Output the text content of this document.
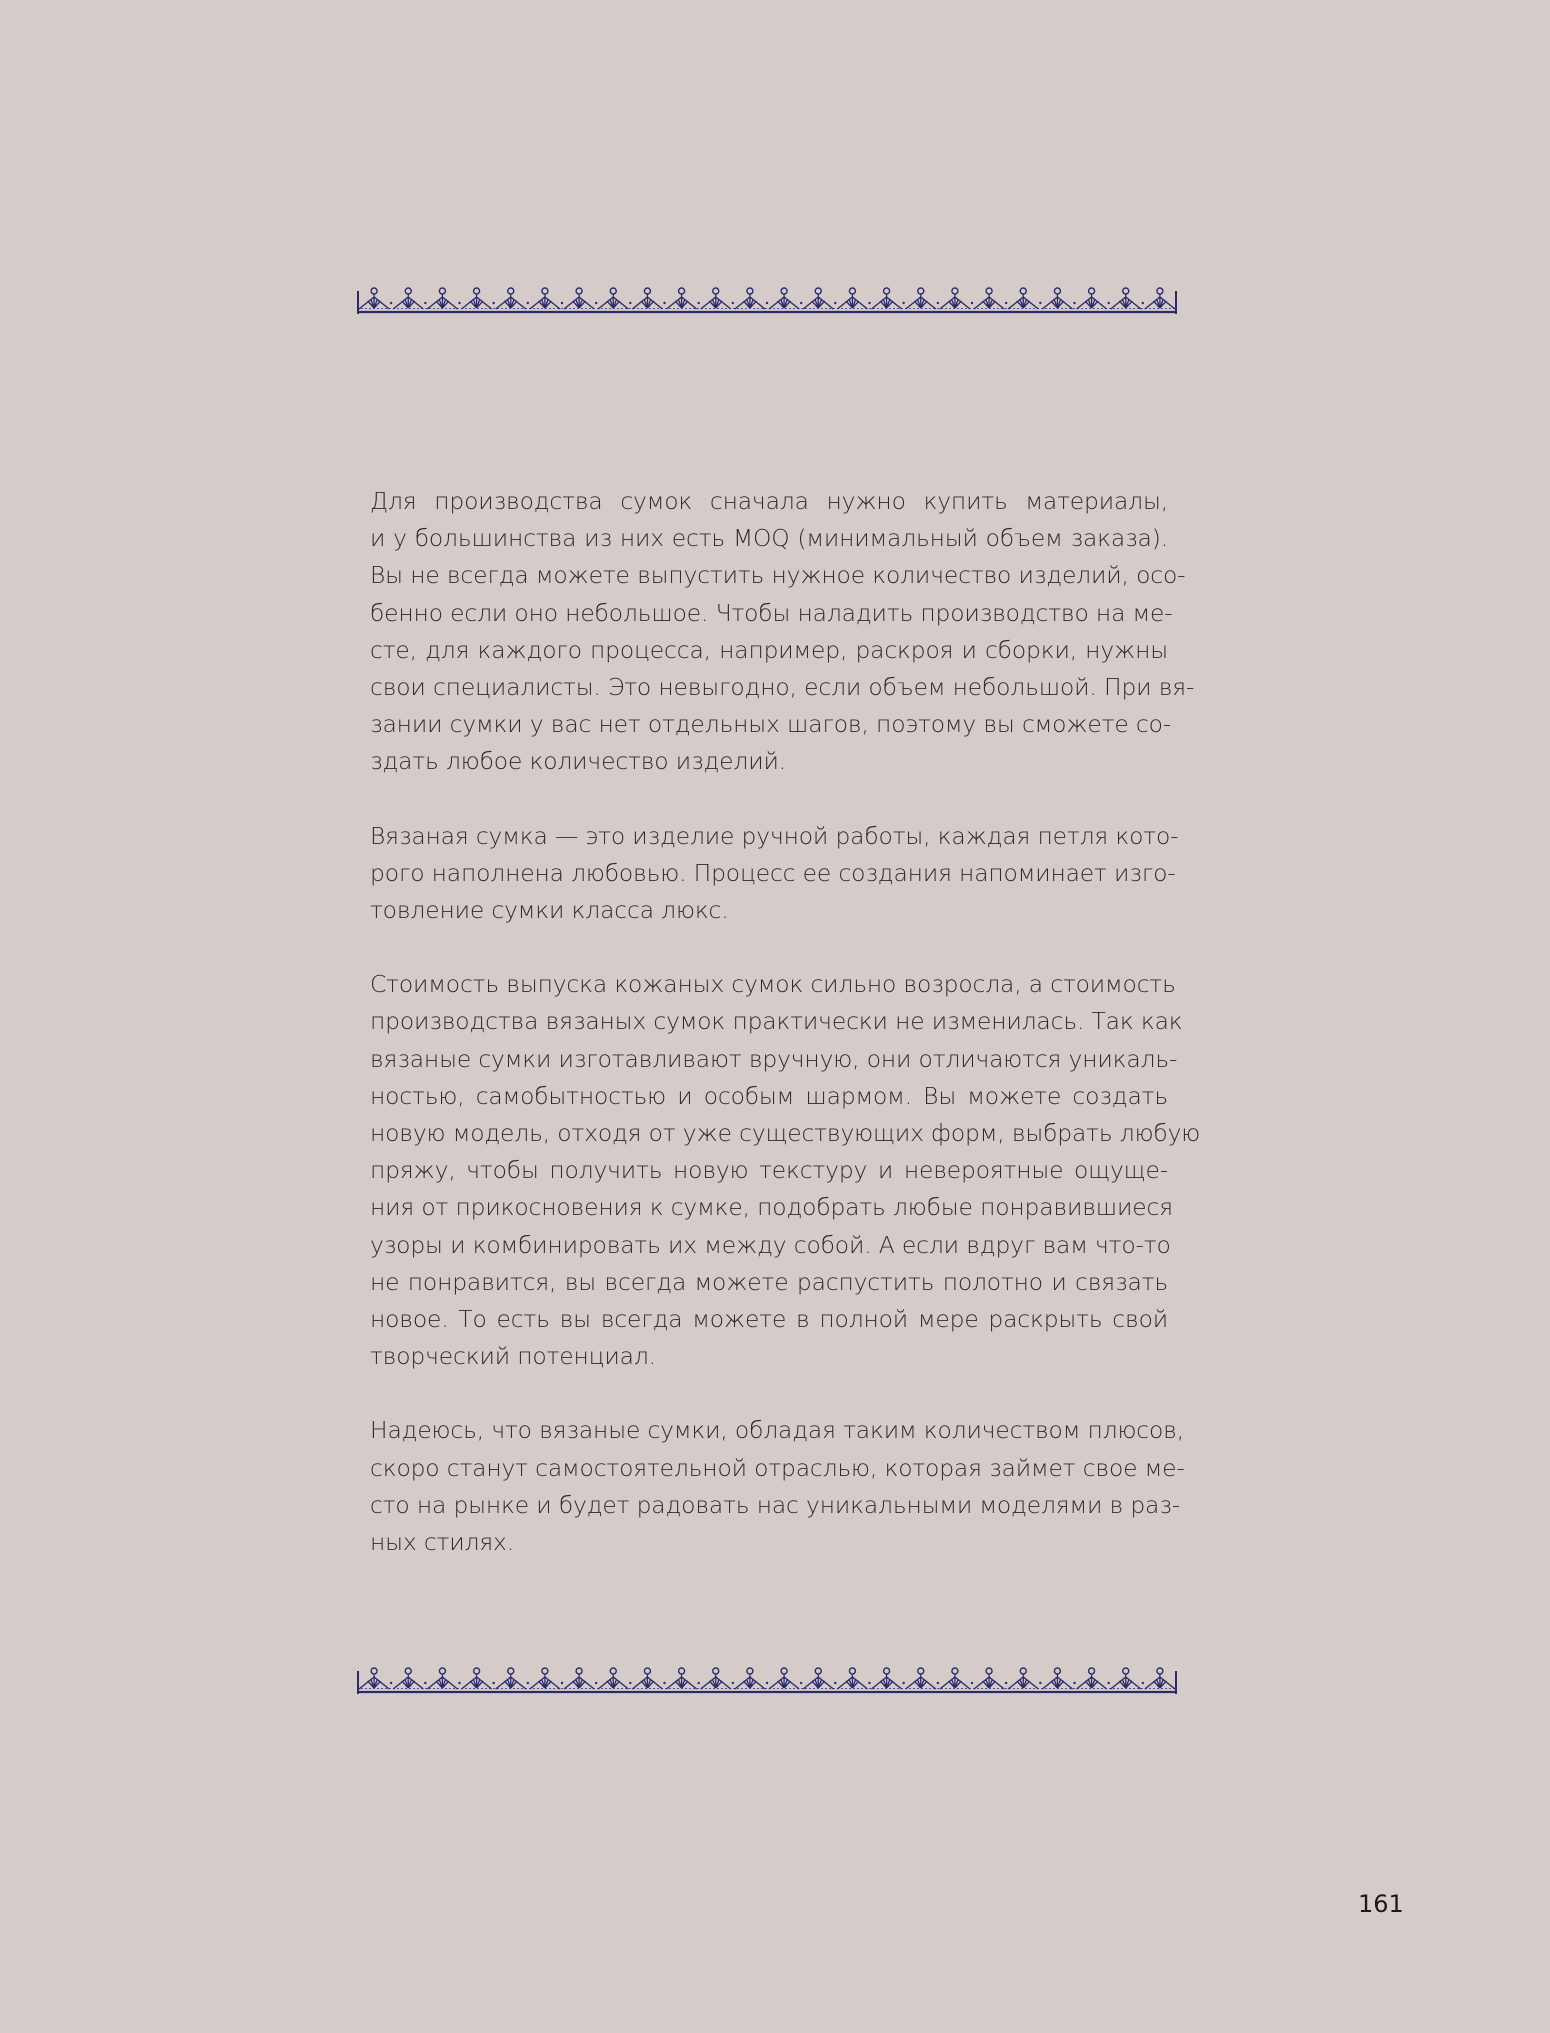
Для производства сумок сначала нужно купить материалы,
и у большинства из них есть MOQ (минимальный объем заказа).
Вы не всегда можете выпустить нужное количество изделий, осо-
бенно если оно небольшое. Чтобы наладить производство на ме-
сте, для каждого процесса, например, раскроя и сборки, нужны
свои специалисты. Это невыгодно, если объем небольшой. При вя-
зании сумки у вас нет отдельных шагов, поэтому вы сможете со-
здать любое количество изделий.

Вязаная сумка — это изделие ручной работы, каждая петля кото-
рого наполнена любовью. Процесс ее создания напоминает изго-
товление сумки класса люкс.

Стоимость выпуска кожаных сумок сильно возросла, а стоимость
производства вязаных сумок практически не изменилась. Так как
вязаные сумки изготавливают вручную, они отличаются уникаль-
ностью, самобытностью и особым шармом. Вы можете создать
новую модель, отходя от уже существующих форм, выбрать любую
пряжу, чтобы получить новую текстуру и невероятные ощуще-
ния от прикосновения к сумке, подобрать любые понравившиеся
узоры и комбинировать их между собой. А если вдруг вам что-то
не понравится, вы всегда можете распустить полотно и связать
новое. То есть вы всегда можете в полной мере раскрыть свой
творческий потенциал.

Надеюсь, что вязаные сумки, обладая таким количеством плюсов,
скоро станут самостоятельной отраслью, которая займет свое ме-
сто на рынке и будет радовать нас уникальными моделями в раз-
ных стилях.

161
